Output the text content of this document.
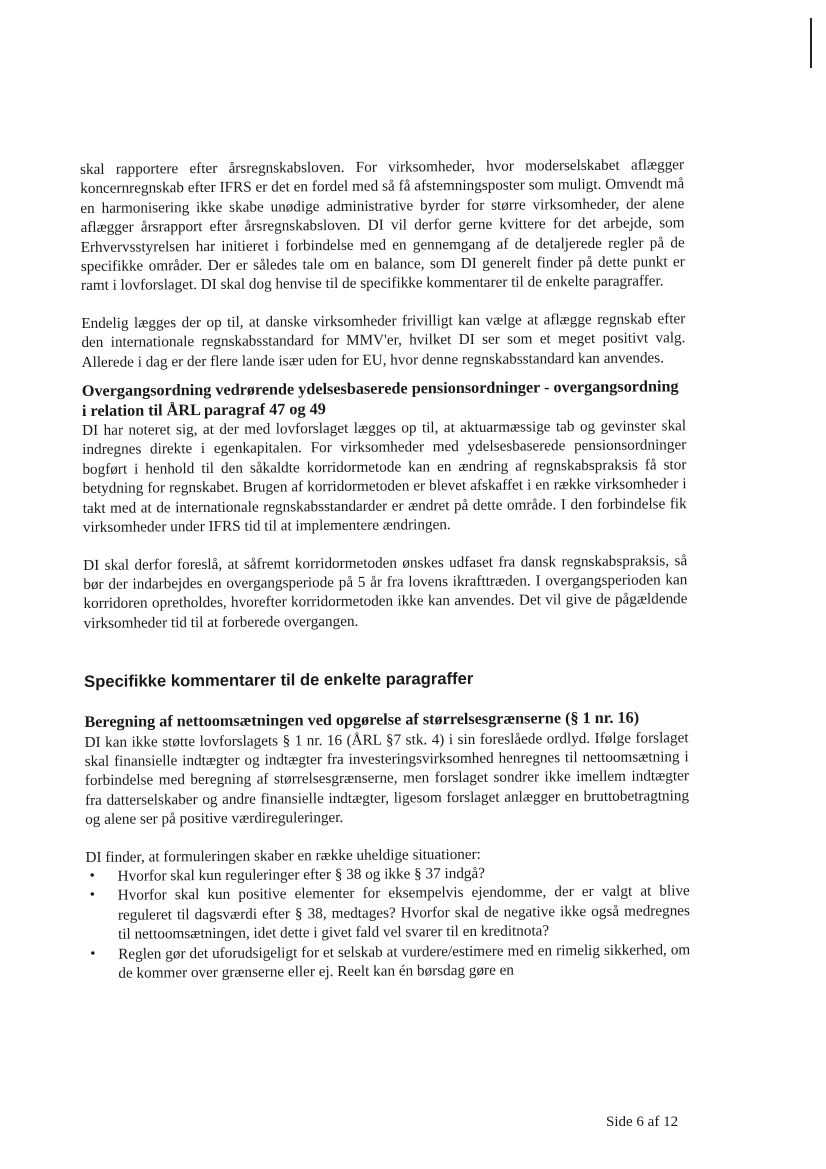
skal rapportere efter årsregnskabsloven. For virksomheder, hvor moderselskabet aflægger koncernregnskab efter IFRS er det en fordel med så få afstemningsposter som muligt. Omvendt må en harmonisering ikke skabe unødige administrative byrder for større virksomheder, der alene aflægger årsrapport efter årsregnskabsloven. DI vil derfor gerne kvittere for det arbejde, som Erhvervsstyrelsen har initieret i forbindelse med en gennemgang af de detaljerede regler på de specifikke områder. Der er således tale om en balance, som DI generelt finder på dette punkt er ramt i lovforslaget. DI skal dog henvise til de specifikke kommentarer til de enkelte paragraffer.

Endelig lægges der op til, at danske virksomheder frivilligt kan vælge at aflægge regnskab efter den internationale regnskabsstandard for MMV'er, hvilket DI ser som et meget positivt valg. Allerede i dag er der flere lande især uden for EU, hvor denne regnskabsstandard kan anvendes.

Overgangsordning vedrørende ydelsesbaserede pensionsordninger - overgangsordning i relation til ÅRL paragraf 47 og 49

DI har noteret sig, at der med lovforslaget lægges op til, at aktuarmæssige tab og gevinster skal indregnes direkte i egenkapitalen. For virksomheder med ydelsesbaserede pensionsordninger bogført i henhold til den såkaldte korridormetode kan en ændring af regnskabspraksis få stor betydning for regnskabet. Brugen af korridormetoden er blevet afskaffet i en række virksomheder i takt med at de internationale regnskabsstandarder er ændret på dette område. I den forbindelse fik virksomheder under IFRS tid til at implementere ændringen.

DI skal derfor foreslå, at såfremt korridormetoden ønskes udfaset fra dansk regnskabspraksis, så bør der indarbejdes en overgangsperiode på 5 år fra lovens ikrafttræden. I overgangsperioden kan korridoren opretholdes, hvorefter korridormetoden ikke kan anvendes. Det vil give de pågældende virksomheder tid til at forberede overgangen.

Specifikke kommentarer til de enkelte paragraffer
Beregning af nettoomsætningen ved opgørelse af størrelsesgrænserne (§ 1 nr. 16)

DI kan ikke støtte lovforslagets § 1 nr. 16 (ÅRL §7 stk. 4) i sin foreslåede ordlyd. Ifølge forslaget skal finansielle indtægter og indtægter fra investeringsvirksomhed henregnes til nettoomsætning i forbindelse med beregning af størrelsesgrænserne, men forslaget sondrer ikke imellem indtægter fra datterselskaber og andre finansielle indtægter, ligesom forslaget anlægger en bruttobetragtning og alene ser på positive værdireguleringer.

DI finder, at formuleringen skaber en række uheldige situationer:

• Hvorfor skal kun reguleringer efter § 38 og ikke § 37 indgå?
• Hvorfor skal kun positive elementer for eksempelvis ejendomme, der er valgt at blive reguleret til dagsværdi efter § 38, medtages? Hvorfor skal de negative ikke også medregnes til nettoomsætningen, idet dette i givet fald vel svarer til en kreditnota?
• Reglen gør det uforudsigeligt for et selskab at vurdere/estimere med en rimelig sikkerhed, om de kommer over grænserne eller ej. Reelt kan én børsdag gøre en
Side 6 af 12
